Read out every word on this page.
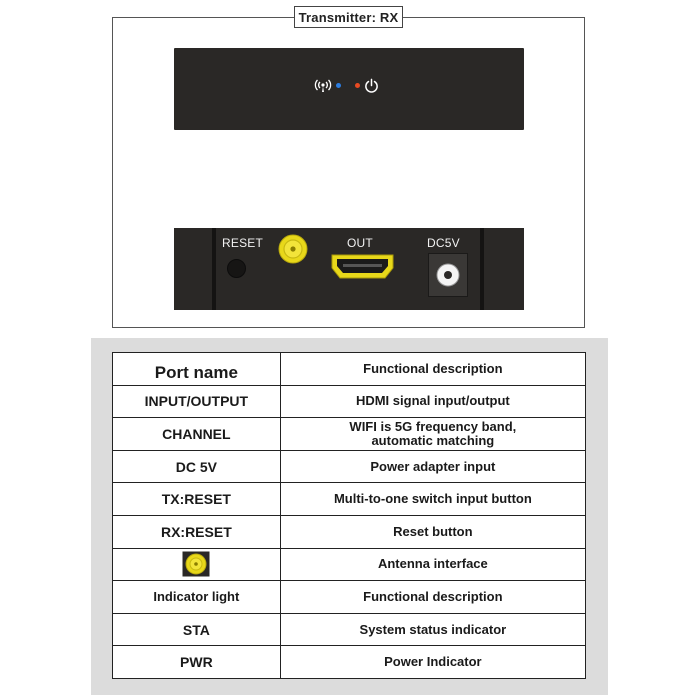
Transmitter: RX
RESET	OUT	DC5V
Port name	Functional description
INPUT/OUTPUT	HDMI signal input/output
CHANNEL	WIFI is 5G frequency band, automatic matching
DC 5V	Power adapter input
TX:RESET	Multi-to-one switch input button
RX:RESET	Reset button
	Antenna interface
Indicator light	Functional description
STA	System status indicator
PWR	Power Indicator
